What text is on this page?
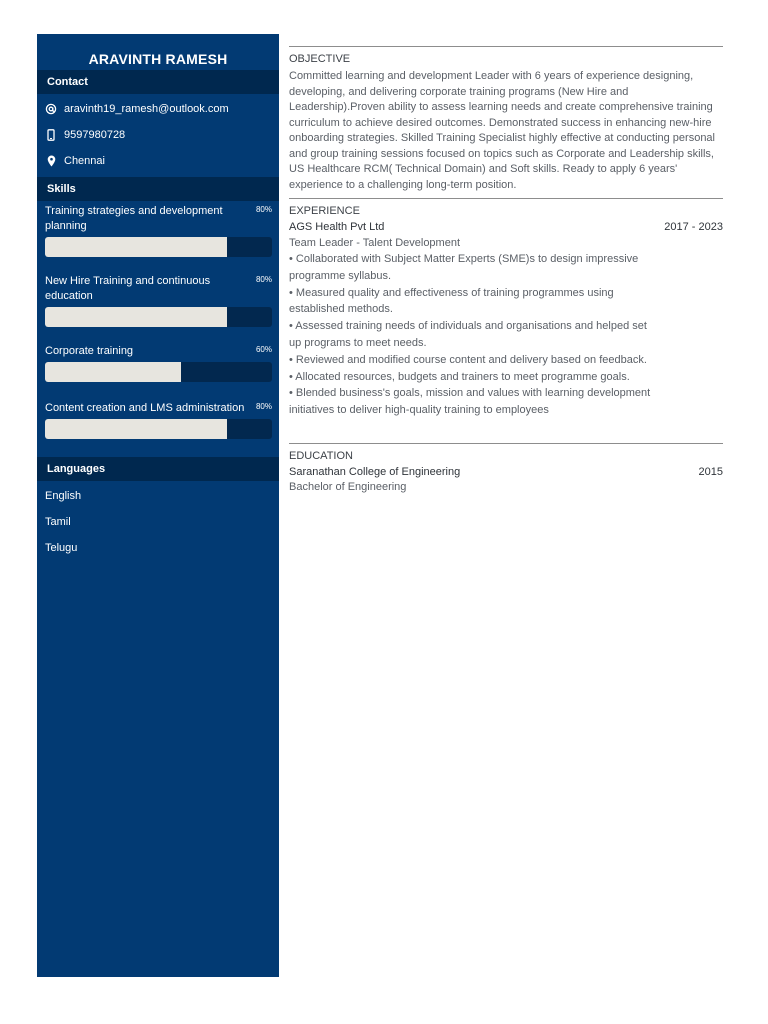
ARAVINTH RAMESH
Contact
aravinth19_ramesh@outlook.com
9597980728
Chennai
Skills
Training strategies and development planning
80%
New Hire Training and continuous education
80%
Corporate training	60%
Content creation and LMS administration 80%
Languages
English
Tamil
Telugu
OBJECTIVE

Committed learning and development Leader with 6 years of experience designing, developing, and delivering corporate training programs (New Hire and Leadership).Proven ability to assess learning needs and create comprehensive training curriculum to achieve desired outcomes. Demonstrated success in enhancing new-hire onboarding strategies. Skilled Training Specialist highly effective at conducting personal and group training sessions focused on topics such as Corporate and Leadership skills, US Healthcare RCM( Technical Domain) and Soft skills. Ready to apply 6 years' experience to a challenging long-term position.

EXPERIENCE
AGS Health Pvt Ltd	2017 - 2023
Team Leader - Talent Development
• Collaborated with Subject Matter Experts (SME)s to design impressive programme syllabus.
• Measured quality and effectiveness of training programmes using established methods.
• Assessed training needs of individuals and organisations and helped set up programs to meet needs.
• Reviewed and modified course content and delivery based on feedback.
• Allocated resources, budgets and trainers to meet programme goals.
• Blended business's goals, mission and values with learning development initiatives to deliver high-quality training to employees
EDUCATION
Saranathan College of Engineering	2015
Bachelor of Engineering
